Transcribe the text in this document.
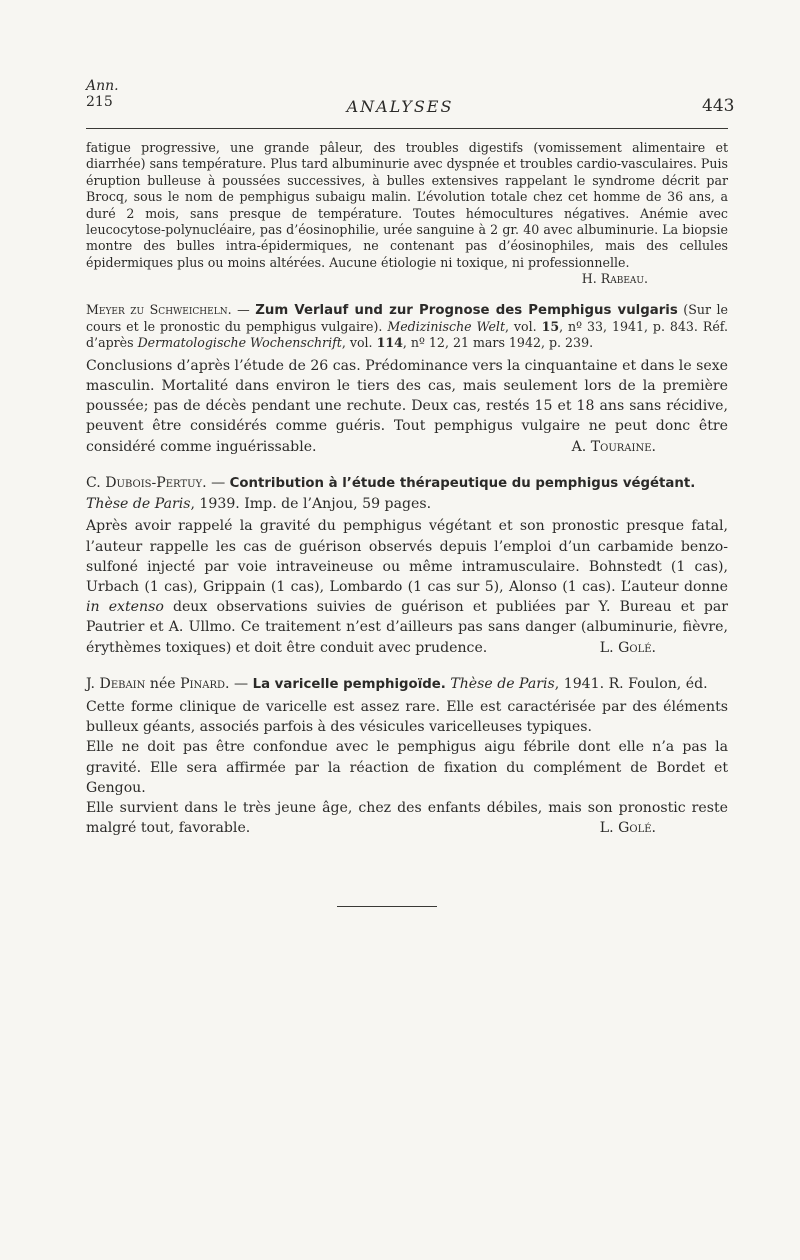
Ann.
215	ANALYSES	443

fatigue progressive, une grande pâleur, des troubles digestifs (vomissement alimentaire et diarrhée) sans température. Plus tard albuminurie avec dyspnée et troubles cardio-vasculaires. Puis éruption bulleuse à poussées successives, à bulles extensives rappelant le syndrome décrit par Brocq, sous le nom de pemphigus subaigu malin. L’évolution totale chez cet homme de 36 ans, a duré 2 mois, sans presque de température. Toutes hémocultures négatives. Anémie avec leucocytose-polynucléaire, pas d’éosinophilie, urée sanguine à 2 gr. 40 avec albuminurie. La biopsie montre des bulles intra-épidermiques, ne contenant pas d’éosinophiles, mais des cellules épidermiques plus ou moins altérées. Aucune étiologie ni toxique, ni professionnelle.
H. Rabeau.

Meyer zu Schweicheln. — Zum Verlauf und zur Prognose des Pemphigus vulgaris (Sur le cours et le pronostic du pemphigus vulgaire). Medizinische Welt, vol. 15, nº 33, 1941, p. 843. Réf. d’après Dermatologische Wochenschrift, vol. 114, nº 12, 21 mars 1942, p. 239.

Conclusions d’après l’étude de 26 cas. Prédominance vers la cinquantaine et dans le sexe masculin. Mortalité dans environ le tiers des cas, mais seulement lors de la première poussée; pas de décès pendant une rechute. Deux cas, restés 15 et 18 ans sans récidive, peuvent être considérés comme guéris. Tout pemphigus vulgaire ne peut donc être considéré comme inguérissable.	A. Touraine.

C. Dubois-Pertuy. — Contribution à l’étude thérapeutique du pemphigus végétant.
Thèse de Paris, 1939. Imp. de l’Anjou, 59 pages.

Après avoir rappelé la gravité du pemphigus végétant et son pronostic presque fatal, l’auteur rappelle les cas de guérison observés depuis l’emploi d’un carbamide benzo-sulfoné injecté par voie intraveineuse ou même intramusculaire. Bohnstedt (1 cas), Urbach (1 cas), Grippain (1 cas), Lombardo (1 cas sur 5), Alonso (1 cas). L’auteur donne in extenso deux observations suivies de guérison et publiées par Y. Bureau et par Pautrier et A. Ullmo. Ce traitement n’est d’ailleurs pas sans danger (albuminurie, fièvre, érythèmes toxiques) et doit être conduit avec prudence.	L. Golé.

J. Debain née Pinard. — La varicelle pemphigoïde. Thèse de Paris, 1941. R. Foulon, éd.

Cette forme clinique de varicelle est assez rare. Elle est caractérisée par des éléments bulleux géants, associés parfois à des vésicules varicelleuses typiques.

Elle ne doit pas être confondue avec le pemphigus aigu fébrile dont elle n’a pas la gravité. Elle sera affirmée par la réaction de fixation du complément de Bordet et Gengou.

Elle survient dans le très jeune âge, chez des enfants débiles, mais son pronostic reste malgré tout, favorable.	L. Golé.
